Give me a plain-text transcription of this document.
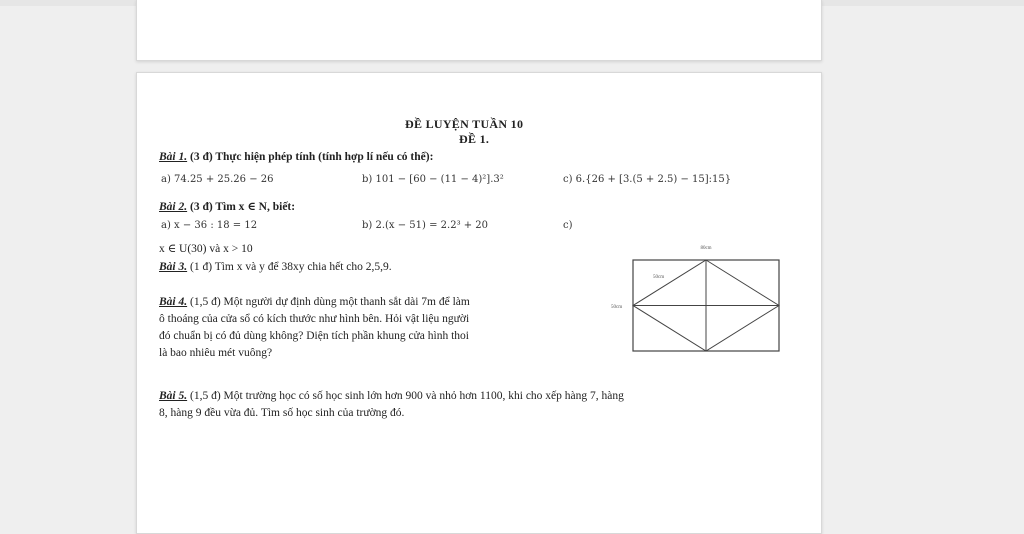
ĐỀ LUYỆN TUẦN 10
ĐỀ 1.
Bài 1. (3 đ) Thực hiện phép tính (tính hợp lí nếu có thể):
a) 74.25 + 25.26 − 26	b) 101 − [60 − (11 − 4)²].3²	c) 6.{26 + [3.(5 + 2.5) − 15]:15}
Bài 2. (3 đ) Tìm x ∈ N, biết:
a) x − 36 : 18 = 12	b) 2.(x − 51) = 2.2³ + 20	c)
x ∈ U(30) và x > 10
Bài 3. (1 đ) Tìm x và y để 38xy chia hết cho 2,5,9.
Bài 4. (1,5 đ) Một người dự định dùng một thanh sắt dài 7m để làm
ô thoáng của cửa sổ có kích thước như hình bên. Hỏi vật liệu người
đó chuẩn bị có đủ dùng không? Diện tích phần khung cửa hình thoi
là bao nhiêu mét vuông?
80cm
50cm
50cm
Bài 5. (1,5 đ) Một trường học có số học sinh lớn hơn 900 và nhỏ hơn 1100, khi cho xếp hàng 7, hàng
8, hàng 9 đều vừa đủ. Tìm số học sinh của trường đó.
